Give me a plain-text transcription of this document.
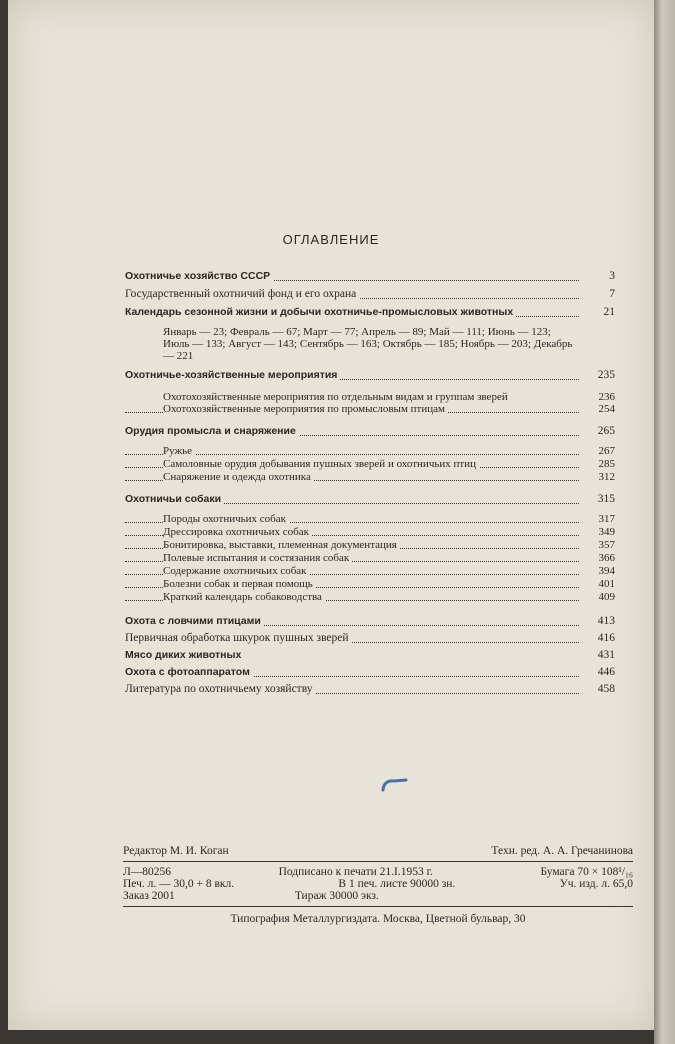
ОГЛАВЛЕНИЕ
Охотничье хозяйство СССР	3
Государственный охотничий фонд и его охрана	7
Календарь сезонной жизни и добычи охотничье-промысловых животных	21
Январь — 23; Февраль — 67; Март — 77; Апрель — 89; Май — 111; Июнь — 123; Июль — 133; Август — 143; Сентябрь — 163; Октябрь — 185; Ноябрь — 203; Декабрь — 221
Охотничье-хозяйственные мероприятия	235
Охотохозяйственные мероприятия по отдельным видам и группам зверей	236
Охотохозяйственные мероприятия по промысловым птицам	254
Орудия промысла и снаряжение	265
Ружье	267
Самоловные орудия добывания пушных зверей и охотничьих птиц	285
Снаряжение и одежда охотника	312
Охотничьи собаки	315
Породы охотничьих собак	317
Дрессировка охотничьих собак	349
Бонитировка, выставки, племенная документация	357
Полевые испытания и состязания собак	366
Содержание охотничьих собак	394
Болезни собак и первая помощь	401
Краткий календарь собаководства	409
Охота с ловчими птицами	413
Первичная обработка шкурок пушных зверей	416
Мясо диких животных	431
Охота с фотоаппаратом	446
Литература по охотничьему хозяйству	458
Редактор М. И. Коган	Техн. ред. А. А. Гречанинова
Л—80256	Подписано к печати 21.I.1953 г.	Бумага 70 × 108¹/₁₆
Печ. л. — 30,0 + 8 вкл.	В 1 печ. листе 90000 зн.	Уч. изд. л. 65,0
Заказ 2001	Тираж 30000 экз.
Типография Металлургиздата. Москва, Цветной бульвар, 30
